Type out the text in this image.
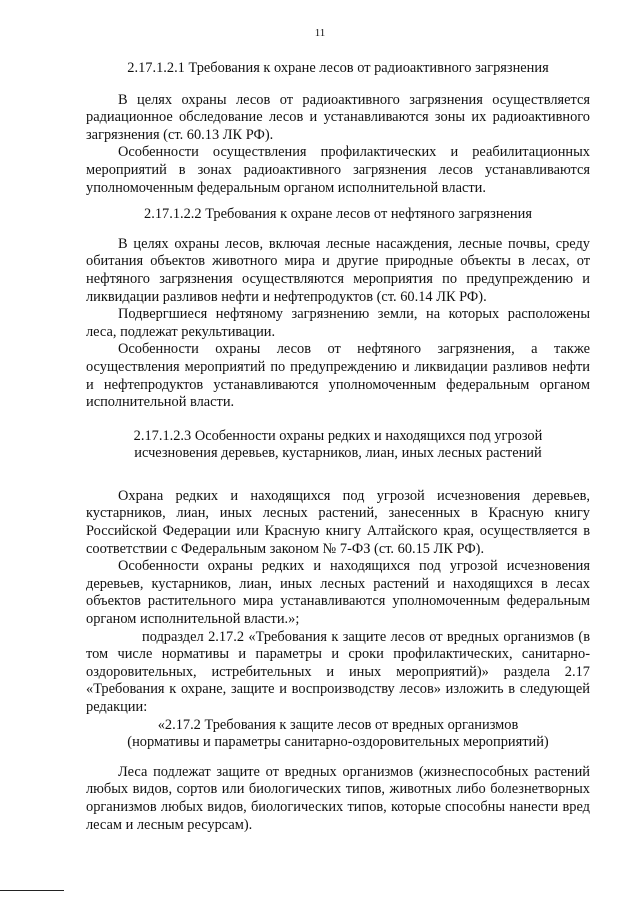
11

2.17.1.2.1 Требования к охране лесов от радиоактивного загрязнения

В целях охраны лесов от радиоактивного загрязнения осуществляется радиационное обследование лесов и устанавливаются зоны их радиоактивного загрязнения (ст. 60.13 ЛК РФ).

Особенности осуществления профилактических и реабилитационных мероприятий в зонах радиоактивного загрязнения лесов устанавливаются уполномоченным федеральным органом исполнительной власти.

2.17.1.2.2 Требования к охране лесов от нефтяного загрязнения

В целях охраны лесов, включая лесные насаждения, лесные почвы, среду обитания объектов животного мира и другие природные объекты в лесах, от нефтяного загрязнения осуществляются мероприятия по предупреждению и ликвидации разливов нефти и нефтепродуктов (ст. 60.14 ЛК РФ).

Подвергшиеся нефтяному загрязнению земли, на которых расположены леса, подлежат рекультивации.

Особенности охраны лесов от нефтяного загрязнения, а также осуществления мероприятий по предупреждению и ликвидации разливов нефти и нефтепродуктов устанавливаются уполномоченным федеральным органом исполнительной власти.

2.17.1.2.3 Особенности охраны редких и находящихся под угрозой

исчезновения деревьев, кустарников, лиан, иных лесных растений

Охрана редких и находящихся под угрозой исчезновения деревьев, кустарников, лиан, иных лесных растений, занесенных в Красную книгу Российской Федерации или Красную книгу Алтайского края, осуществляется в соответствии с Федеральным законом № 7-ФЗ (ст. 60.15 ЛК РФ).

Особенности охраны редких и находящихся под угрозой исчезновения деревьев, кустарников, лиан, иных лесных растений и находящихся в лесах объектов растительного мира устанавливаются уполномоченным федеральным органом исполнительной власти.»;

подраздел 2.17.2 «Требования к защите лесов от вредных организмов (в том числе нормативы и параметры и сроки профилактических, санитарно-оздоровительных, истребительных и иных мероприятий)» раздела 2.17 «Требования к охране, защите и воспроизводству лесов» изложить в следующей редакции:

«2.17.2 Требования к защите лесов от вредных организмов

(нормативы и параметры санитарно-оздоровительных мероприятий)

Леса подлежат защите от вредных организмов (жизнеспособных растений любых видов, сортов или биологических типов, животных либо болезнетворных организмов любых видов, биологических типов, которые способны нанести вред лесам и лесным ресурсам).
